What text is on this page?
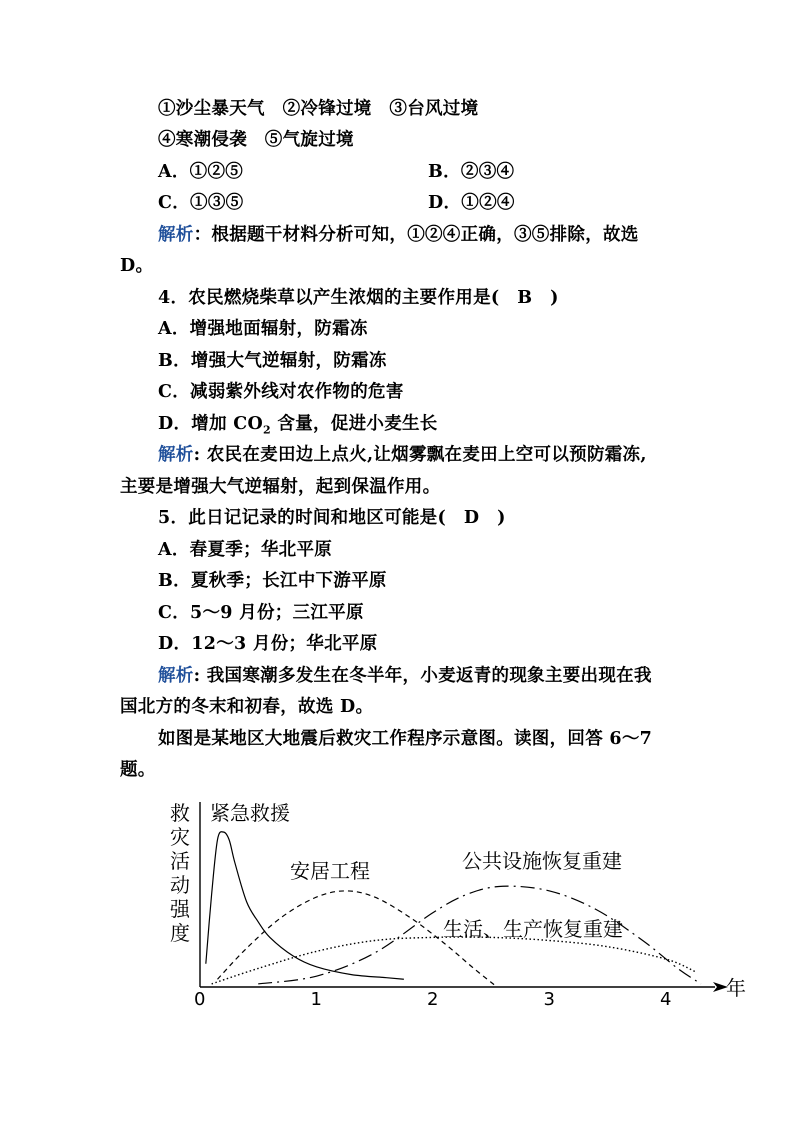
①沙尘暴天气　②冷锋过境　③台风过境
④寒潮侵袭　⑤气旋过境
A．①②⑤	B．②③④
C．①③⑤	D．①②④
解析：根据题干材料分析可知，①②④正确，③⑤排除，故选
D。
4．农民燃烧柴草以产生浓烟的主要作用是(　B　)
A．增强地面辐射，防霜冻
B．增强大气逆辐射，防霜冻
C．减弱紫外线对农作物的危害
D．增加 $CO_2$ 含量，促进小麦生长
解析: 农民在麦田边上点火,让烟雾飘在麦田上空可以预防霜冻,
主要是增强大气逆辐射，起到保温作用。
5．此日记记录的时间和地区可能是(　D　)
A．春夏季；华北平原
B．夏秋季；长江中下游平原
C．5～9 月份；三江平原
D．12～3 月份；华北平原
解析: 我国寒潮多发生在冬半年，小麦返青的现象主要出现在我
国北方的冬末和初春，故选 D。
如图是某地区大地震后救灾工作程序示意图。读图，回答 6～7
题。
救
灾
活
动
强
度
年
0	1	2	3	4
紧急救援
安居工程	公共设施恢复重建
生活、生产恢复重建
